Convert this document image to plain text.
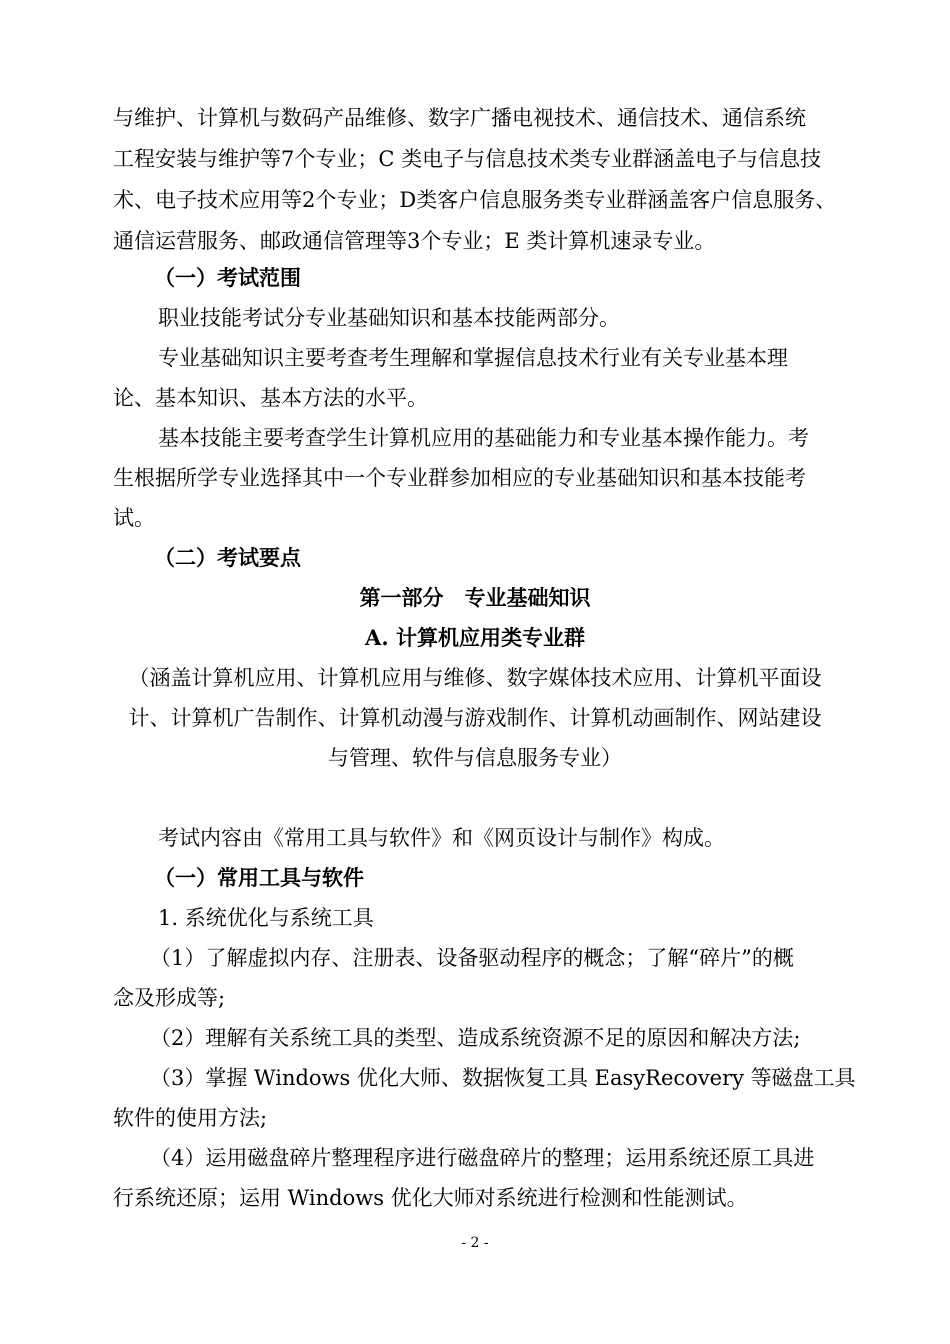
与维护、计算机与数码产品维修、数字广播电视技术、通信技术、通信系统
工程安装与维护等7个专业；C 类电子与信息技术类专业群涵盖电子与信息技
术、电子技术应用等2个专业；D类客户信息服务类专业群涵盖客户信息服务、
通信运营服务、邮政通信管理等3个专业；E 类计算机速录专业。
（一）考试范围
职业技能考试分专业基础知识和基本技能两部分。
专业基础知识主要考查考生理解和掌握信息技术行业有关专业基本理
论、基本知识、基本方法的水平。
基本技能主要考查学生计算机应用的基础能力和专业基本操作能力。考
生根据所学专业选择其中一个专业群参加相应的专业基础知识和基本技能考
试。
（二）考试要点
第一部分　专业基础知识
A. 计算机应用类专业群
（涵盖计算机应用、计算机应用与维修、数字媒体技术应用、计算机平面设
计、计算机广告制作、计算机动漫与游戏制作、计算机动画制作、网站建设
与管理、软件与信息服务专业）
考试内容由《常用工具与软件》和《网页设计与制作》构成。
（一）常用工具与软件
1. 系统优化与系统工具
（1）了解虚拟内存、注册表、设备驱动程序的概念；了解“碎片”的概
念及形成等;
（2）理解有关系统工具的类型、造成系统资源不足的原因和解决方法;
（3）掌握 Windows 优化大师、数据恢复工具 EasyRecovery 等磁盘工具
软件的使用方法;
（4）运用磁盘碎片整理程序进行磁盘碎片的整理；运用系统还原工具进
行系统还原；运用 Windows 优化大师对系统进行检测和性能测试。
- 2 -
